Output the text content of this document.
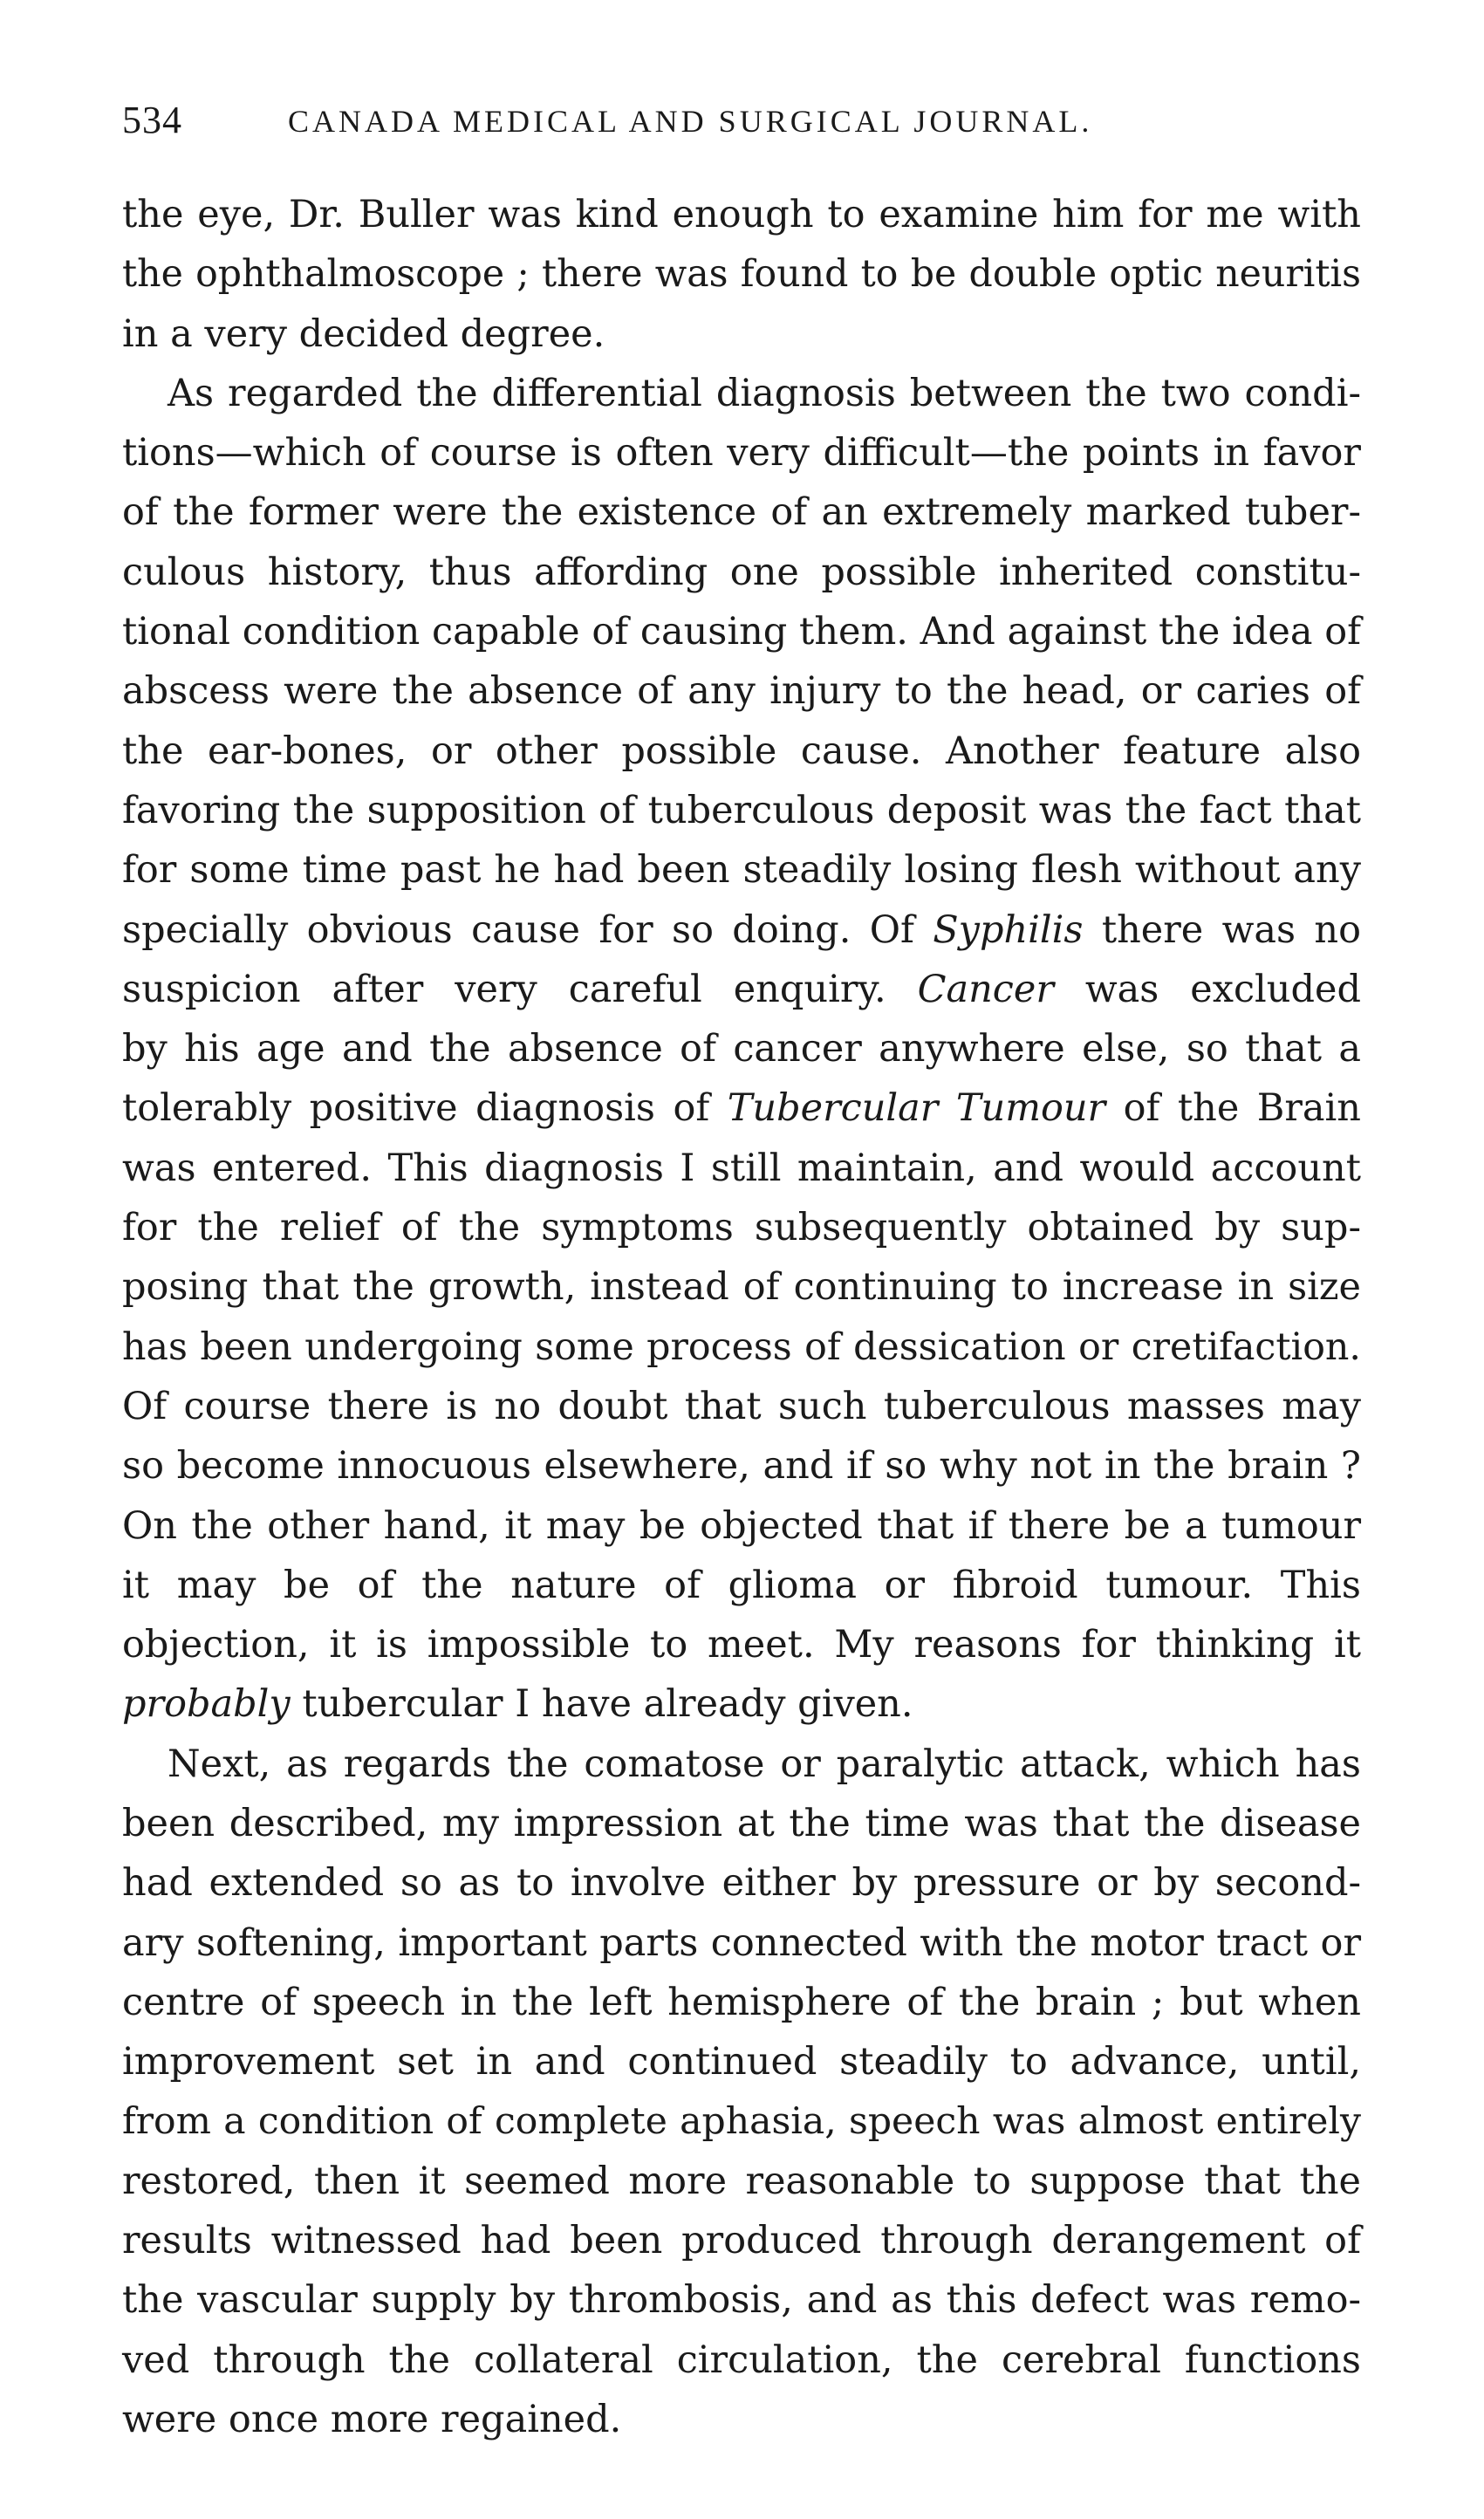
534	CANADA MEDICAL AND SURGICAL JOURNAL.
the eye, Dr. Buller was kind enough to examine him for me with
the ophthalmoscope ; there was found to be double optic neuritis
in a very decided degree.
As regarded the differential diagnosis between the two condi-
tions—which of course is often very difficult—the points in favor
of the former were the existence of an extremely marked tuber-
culous history, thus affording one possible inherited constitu-
tional condition capable of causing them. And against the idea of
abscess were the absence of any injury to the head, or caries of
the ear-bones, or other possible cause. Another feature also
favoring the supposition of tuberculous deposit was the fact that
for some time past he had been steadily losing flesh without any
specially obvious cause for so doing. Of Syphilis there was no
suspicion after very careful enquiry. Cancer was excluded
by his age and the absence of cancer anywhere else, so that a
tolerably positive diagnosis of Tubercular Tumour of the Brain
was entered. This diagnosis I still maintain, and would account
for the relief of the symptoms subsequently obtained by sup-
posing that the growth, instead of continuing to increase in size
has been undergoing some process of dessication or cretifaction.
Of course there is no doubt that such tuberculous masses may
so become innocuous elsewhere, and if so why not in the brain ?
On the other hand, it may be objected that if there be a tumour
it may be of the nature of glioma or fibroid tumour. This
objection, it is impossible to meet. My reasons for thinking it
probably tubercular I have already given.
Next, as regards the comatose or paralytic attack, which has
been described, my impression at the time was that the disease
had extended so as to involve either by pressure or by second-
ary softening, important parts connected with the motor tract or
centre of speech in the left hemisphere of the brain ; but when
improvement set in and continued steadily to advance, until,
from a condition of complete aphasia, speech was almost entirely
restored, then it seemed more reasonable to suppose that the
results witnessed had been produced through derangement of
the vascular supply by thrombosis, and as this defect was remo-
ved through the collateral circulation, the cerebral functions
were once more regained.
